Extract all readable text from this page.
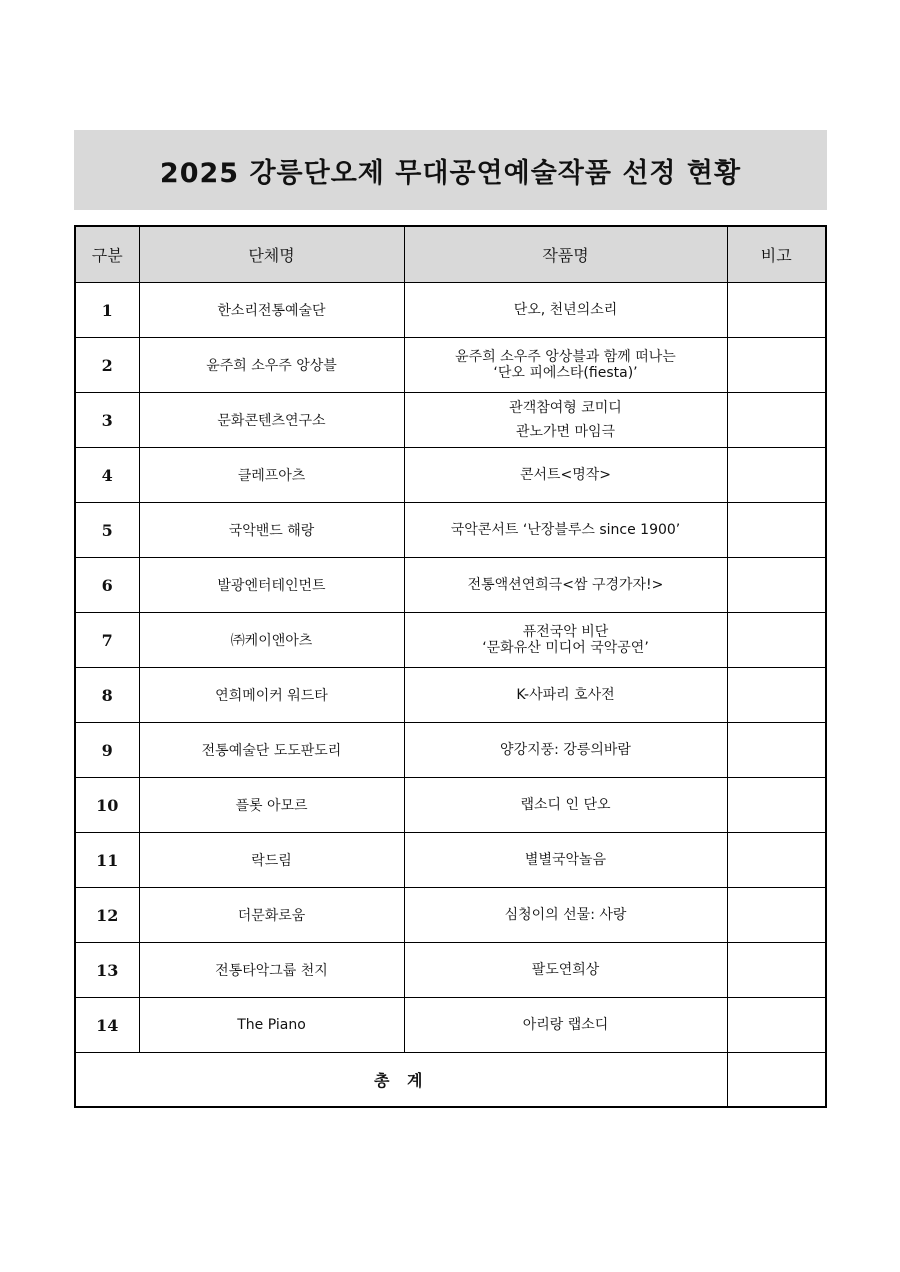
2025 강릉단오제 무대공연예술작품 선정 현황
구분	단체명	작품명	비고
1	한소리전통예술단	단오, 천년의소리	

2	윤주희 소우주 앙상블	윤주희 소우주 앙상블과 함께 떠나는
‘단오 피에스타(fiesta)’	

3	문화콘텐츠연구소	관객참여형 코미디
관노가면 마임극	

4	클레프아츠	콘서트<명작>	

5	국악밴드 해랑	국악콘서트 ‘난장블루스 since 1900’	

6	발광엔터테인먼트	전통액션연희극<쌈 구경가자!>	

7	㈜케이앤아츠	퓨전국악 비단
‘문화유산 미디어 국악공연’	

8	연희메이커 워드타	K-사파리 호사전	

9	전통예술단 도도판도리	양강지풍: 강릉의바람	

10	플롯 아모르	랩소디 인 단오	

11	락드림	별별국악놀음	

12	더문화로움	심청이의 선물: 사랑	

13	전통타악그룹 천지	팔도연희상	

14	The Piano	아리랑 랩소디	

총 계			
